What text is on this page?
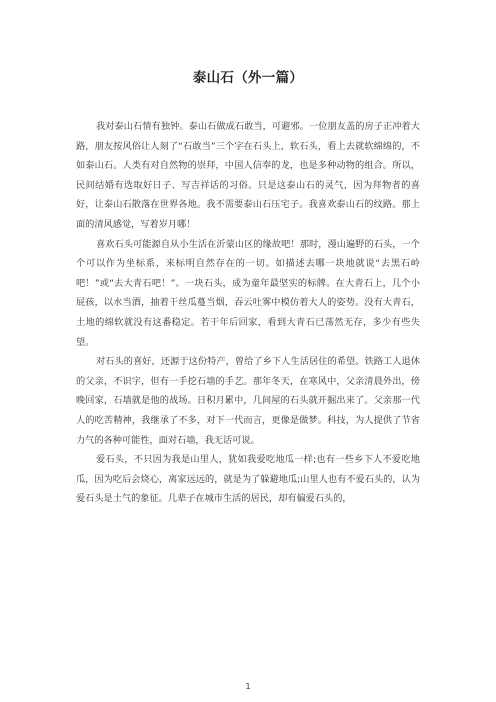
泰山石（外一篇）

我对泰山石情有独钟。泰山石做成石敢当，可避邪。一位朋友盖的房子正冲着大路，朋友按风俗让人刻了“石敢当”三个字在石头上，软石头，看上去就软绵绵的，不如泰山石。人类有对自然物的崇拜，中国人信奉的龙，也是多种动物的组合。所以，民间结婚有选取好日子、写吉祥话的习俗。只是这泰山石的灵气，因为拜物者的喜好，让泰山石散落在世界各地。我不需要泰山石压宅子。我喜欢泰山石的纹路。那上面的清风感觉，写着岁月哪！

喜欢石头可能源自从小生活在沂蒙山区的缘故吧！那时，漫山遍野的石头，一个个可以作为坐标系，来标明自然存在的一切。如描述去哪一块地就说“去黑石岭吧！”或“去大青石吧！”。一块石头，成为童年最坚实的标牌。在大青石上，几个小屁孩，以水当酒，抽着干丝瓜蔓当烟，吞云吐雾中模仿着大人的姿势。没有大青石，土地的绵软就没有这番稳定。若干年后回家，看到大青石已荡然无存，多少有些失望。

对石头的喜好，还源于这份特产，曾给了乡下人生活居住的希望。铁路工人退休的父亲，不识字，但有一手挖石墙的手艺。那年冬天，在寒风中，父亲清晨外出，傍晚回家，石墙就是他的战场。日积月累中，几间屋的石头就开掘出来了。父亲那一代人的吃苦精神，我继承了不多，对下一代而言，更像是做梦。科技，为人提供了节省力气的各种可能性，面对石墙，我无话可说。

爱石头，不只因为我是山里人，犹如我爱吃地瓜一样;也有一些乡下人不爱吃地瓜，因为吃后会烧心，离家远远的，就是为了躲避地瓜;山里人也有不爱石头的，认为爱石头是土气的象征。几辈子在城市生活的居民，却有偏爱石头的，

1
